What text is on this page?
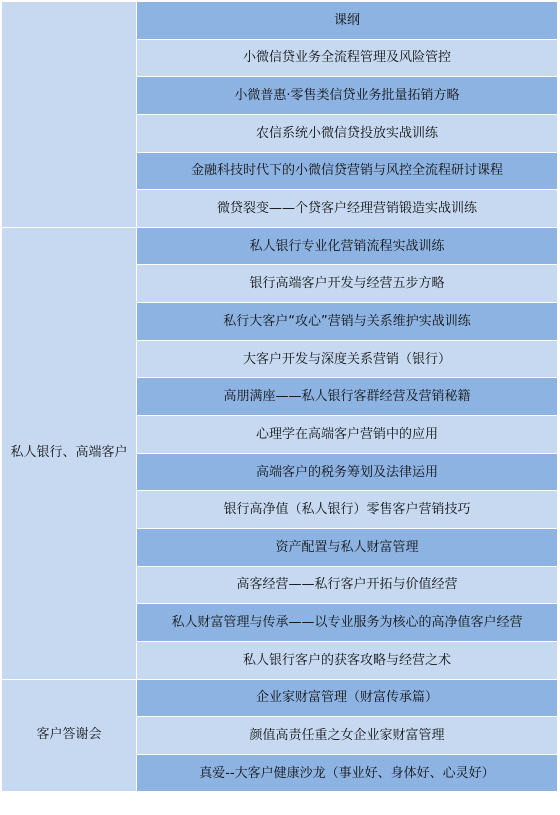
	课纲
	小微信贷业务全流程管理及风险管控
	小微普惠·零售类信贷业务批量拓销方略
	农信系统小微信贷投放实战训练
	金融科技时代下的小微信贷营销与风控全流程研讨课程
	微贷裂变——个贷客户经理营销锻造实战训练
私人银行、高端客户	私人银行专业化营销流程实战训练
	银行高端客户开发与经营五步方略
	私行大客户“攻心”营销与关系维护实战训练
	大客户开发与深度关系营销（银行）
	高朋满座——私人银行客群经营及营销秘籍
	心理学在高端客户营销中的应用
	高端客户的税务筹划及法律运用
	银行高净值（私人银行）零售客户营销技巧
	资产配置与私人财富管理
	高客经营——私行客户开拓与价值经营
	私人财富管理与传承——以专业服务为核心的高净值客户经营
	私人银行客户的获客攻略与经营之术
客户答谢会	企业家财富管理（财富传承篇）
	颜值高责任重之女企业家财富管理
	真爱--大客户健康沙龙（事业好、身体好、心灵好）
